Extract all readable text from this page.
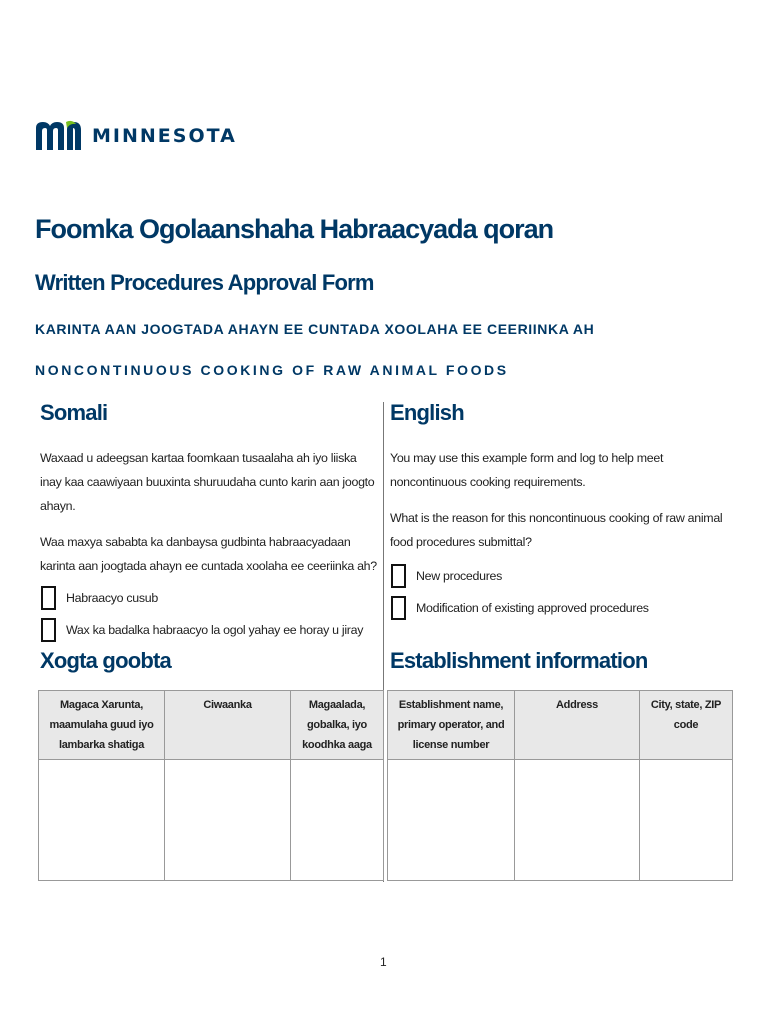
MINNESOTA
Foomka Ogolaanshaha Habraacyada qoran
Written Procedures Approval Form

KARINTA AAN JOOGTADA AHAYN EE CUNTADA XOOLAHA EE CEERIINKA AH

NONCONTINUOUS COOKING OF RAW ANIMAL FOODS

Somali

Waxaad u adeegsan kartaa foomkaan tusaalaha ah iyo liiska inay kaa caawiyaan buuxinta shuruudaha cunto karin aan joogto ahayn.

Waa maxya sababta ka danbaysa gudbinta habraacyadaan karinta aan joogtada ahayn ee cuntada xoolaha ee ceeriinka ah?

Habraacyo cusub
Wax ka badalka habraacyo la ogol yahay ee horay u jiray
English

You may use this example form and log to help meet noncontinuous cooking requirements.

What is the reason for this noncontinuous cooking of raw animal food procedures submittal?

New procedures
Modification of existing approved procedures
Xogta goobta	Establishment information
Magaca Xarunta, maamulaha guud iyo lambarka shatiga	Ciwaanka	Magaalada, gobalka, iyo koodhka aaga

Establishment name, primary operator, and license number	Address	City, state, ZIP code

1
